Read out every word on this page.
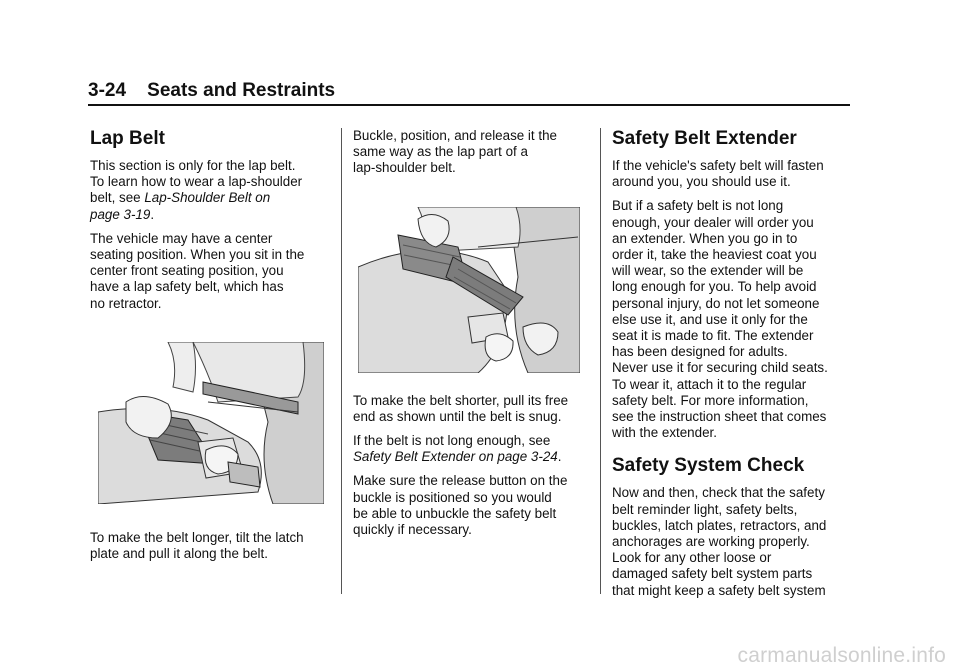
3-24 Seats and Restraints
Lap Belt

This section is only for the lap belt.
To learn how to wear a lap-shoulder
belt, see Lap-Shoulder Belt on
page 3-19.

The vehicle may have a center
seating position. When you sit in the
center front seating position, you
have a lap safety belt, which has
no retractor.

To make the belt longer, tilt the latch
plate and pull it along the belt.

Buckle, position, and release it the
same way as the lap part of a
lap-shoulder belt.

To make the belt shorter, pull its free
end as shown until the belt is snug.

If the belt is not long enough, see
Safety Belt Extender on page 3-24.

Make sure the release button on the
buckle is positioned so you would
be able to unbuckle the safety belt
quickly if necessary.

Safety Belt Extender

If the vehicle's safety belt will fasten
around you, you should use it.

But if a safety belt is not long
enough, your dealer will order you
an extender. When you go in to
order it, take the heaviest coat you
will wear, so the extender will be
long enough for you. To help avoid
personal injury, do not let someone
else use it, and use it only for the
seat it is made to fit. The extender
has been designed for adults.
Never use it for securing child seats.
To wear it, attach it to the regular
safety belt. For more information,
see the instruction sheet that comes
with the extender.

Safety System Check

Now and then, check that the safety
belt reminder light, safety belts,
buckles, latch plates, retractors, and
anchorages are working properly.
Look for any other loose or
damaged safety belt system parts
that might keep a safety belt system

carmanualsonline.info
